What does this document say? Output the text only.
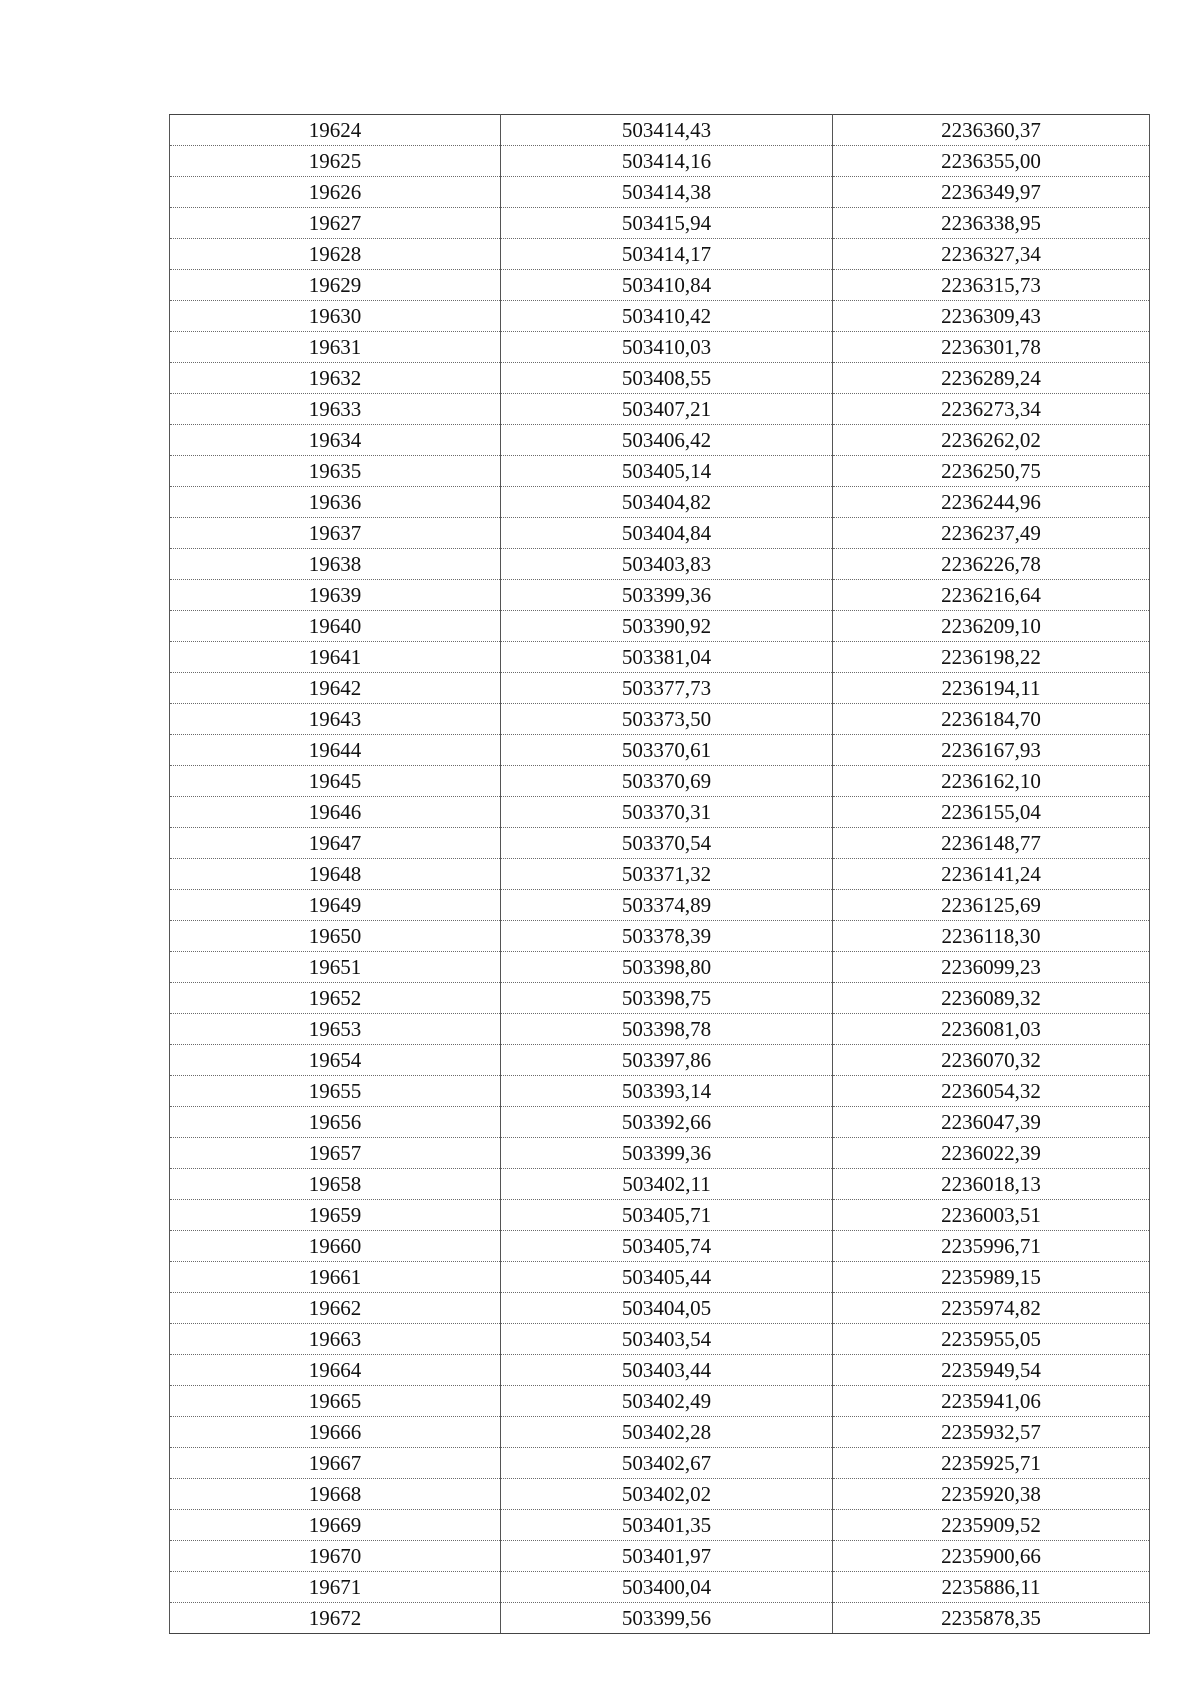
19624	503414,43	2236360,37
19625	503414,16	2236355,00
19626	503414,38	2236349,97
19627	503415,94	2236338,95
19628	503414,17	2236327,34
19629	503410,84	2236315,73
19630	503410,42	2236309,43
19631	503410,03	2236301,78
19632	503408,55	2236289,24
19633	503407,21	2236273,34
19634	503406,42	2236262,02
19635	503405,14	2236250,75
19636	503404,82	2236244,96
19637	503404,84	2236237,49
19638	503403,83	2236226,78
19639	503399,36	2236216,64
19640	503390,92	2236209,10
19641	503381,04	2236198,22
19642	503377,73	2236194,11
19643	503373,50	2236184,70
19644	503370,61	2236167,93
19645	503370,69	2236162,10
19646	503370,31	2236155,04
19647	503370,54	2236148,77
19648	503371,32	2236141,24
19649	503374,89	2236125,69
19650	503378,39	2236118,30
19651	503398,80	2236099,23
19652	503398,75	2236089,32
19653	503398,78	2236081,03
19654	503397,86	2236070,32
19655	503393,14	2236054,32
19656	503392,66	2236047,39
19657	503399,36	2236022,39
19658	503402,11	2236018,13
19659	503405,71	2236003,51
19660	503405,74	2235996,71
19661	503405,44	2235989,15
19662	503404,05	2235974,82
19663	503403,54	2235955,05
19664	503403,44	2235949,54
19665	503402,49	2235941,06
19666	503402,28	2235932,57
19667	503402,67	2235925,71
19668	503402,02	2235920,38
19669	503401,35	2235909,52
19670	503401,97	2235900,66
19671	503400,04	2235886,11
19672	503399,56	2235878,35
